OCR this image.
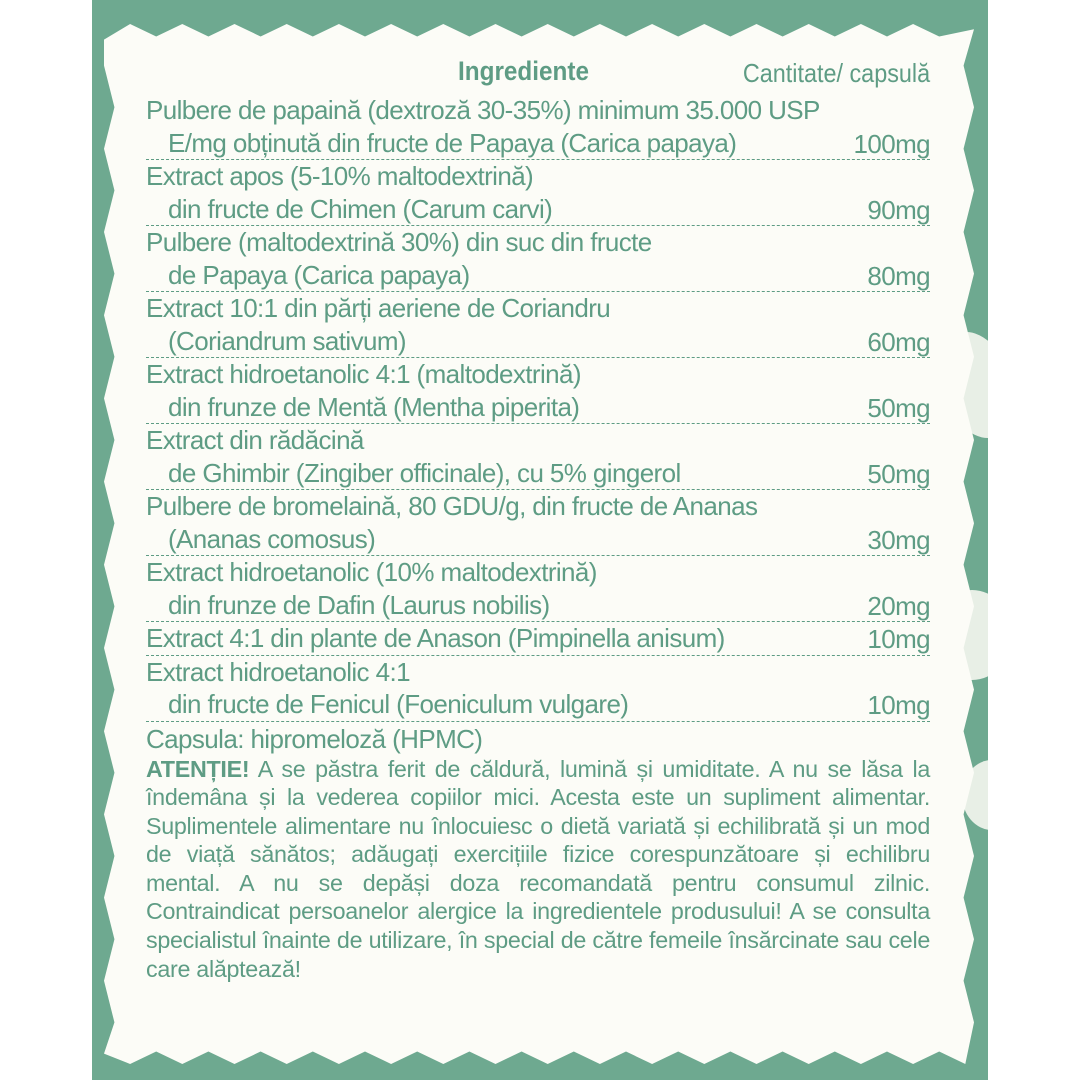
Ingrediente	Cantitate/ capsulă
Pulbere de papaină (dextroză 30-35%) minimum 35.000 USP
E/mg obținută din fructe de Papaya (Carica papaya)	100mg
Extract apos (5-10% maltodextrină)
din fructe de Chimen (Carum carvi)	90mg
Pulbere (maltodextrină 30%) din suc din fructe
de Papaya (Carica papaya)	80mg
Extract 10:1 din părți aeriene de Coriandru
(Coriandrum sativum)	60mg
Extract hidroetanolic 4:1 (maltodextrină)
din frunze de Mentă (Mentha piperita)	50mg
Extract din rădăcină
de Ghimbir (Zingiber officinale), cu 5% gingerol	50mg
Pulbere de bromelaină, 80 GDU/g, din fructe de Ananas
(Ananas comosus)	30mg
Extract hidroetanolic (10% maltodextrină)
din frunze de Dafin (Laurus nobilis)	20mg
Extract 4:1 din plante de Anason (Pimpinella anisum)	10mg
Extract hidroetanolic 4:1
din fructe de Fenicul (Foeniculum vulgare)	10mg
Capsula: hipromeloză (HPMC)
ATENȚIE! A se păstra ferit de căldură, lumină și umiditate. A nu se lăsa la îndemâna și la vederea copiilor mici. Acesta este un supliment alimentar. Suplimentele alimentare nu înlocuiesc o dietă variată și echilibrată și un mod de viață sănătos; adăugați exercițiile fizice corespunzătoare și echilibru mental. A nu se depăși doza recomandată pentru consumul zilnic. Contraindicat persoanelor alergice la ingredientele produsului! A se consulta specialistul înainte de utilizare, în special de către femeile însărcinate sau cele care alăptează!
